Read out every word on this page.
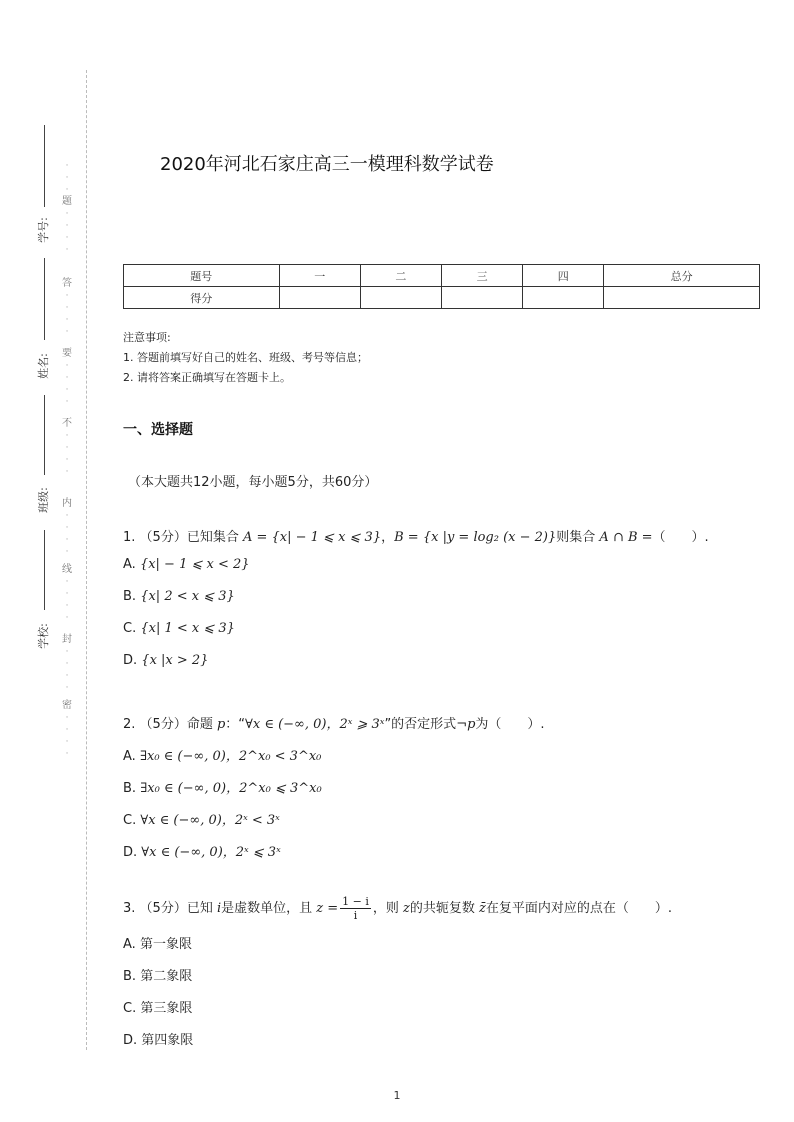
学号:
姓名:
班级:
学校:
·
·
·
题
·
·
·
·
答
·
·
·
·
要
·
·
·
·
不
·
·
·
·
内
·
·
·
·
线
·
·
·
·
封
·
·
·
·
密
·
·
·
·
2020年河北石家庄高三一模理科数学试卷
题号	一	二	三	四	总分
得分					
注意事项:
1. 答题前填写好自己的姓名、班级、考号等信息；
2. 请将答案正确填写在答题卡上。
一、选择题
（本大题共12小题，每小题5分，共60分）
1. （5分）已知集合 A = {x| − 1 ⩽ x ⩽ 3}，B = {x |y = log₂ (x − 2)}则集合 A ∩ B =（　　）.
A. {x| − 1 ⩽ x < 2}
B. {x| 2 < x ⩽ 3}
C. {x| 1 < x ⩽ 3}
D. {x |x > 2}
2. （5分）命题 p：“∀x ∈ (−∞, 0)，2ˣ ⩾ 3ˣ”的否定形式¬p为（　　）.
A. ∃x₀ ∈ (−∞, 0)，2^x₀ < 3^x₀
B. ∃x₀ ∈ (−∞, 0)，2^x₀ ⩽ 3^x₀
C. ∀x ∈ (−∞, 0)，2ˣ < 3ˣ
D. ∀x ∈ (−∞, 0)，2ˣ ⩽ 3ˣ
3. （5分）已知 i是虚数单位，且 $z = \frac{1 - i}{i}$ ，则 z的共轭复数 z̄在复平面内对应的点在（　　）.
A. 第一象限
B. 第二象限
C. 第三象限
D. 第四象限
1
